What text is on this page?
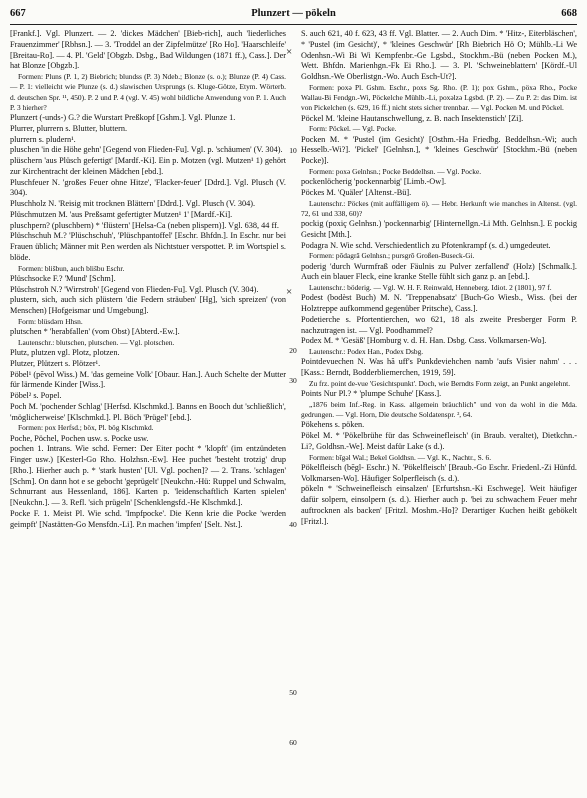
667	Plunzert — pökeln	668

[Frankf.]. Vgl. Plunzert. — 2. 'dickes Mädchen' [Bieb-rich], auch 'liederliches Frauenzimmer' [Rbhsn.]. — 3. 'Troddel an der Zipfelmütze' [Ro Ho]. 'Haarschleife' [Breitau-Ro]. — 4. Pl. 'Geld' [Obgzb. Dsbg., Bad Wildungen (1871 ff.), Cass.]. Der hat Blonze [Obgzb.].

Formen: Pluns (P. 1, 2) Biebrich; blundss (P. 3) Ndeb.; Blonze (s. o.); Blunze (P. 4) Cass. — P. 1: vielleicht wie Plunze (s. d.) slawischen Ursprungs (s. Kluge-Götze, Etym. Wörterb. d. deutschen Spr. ¹¹, 450). P. 2 und P. 4 (vgl. V. 45) wohl bildliche Anwendung von P. 1. Auch P. 3 hierher?

Plunzert (-unds-) G.? die Wurstart Preßkopf [Gshm.]. Vgl. Plunze 1.

Plurrer, plurrern s. Blutter, bluttern.

plurrern s. pludern¹.

pluschen 'in die Höhe gehn' [Gegend von Flieden-Fu]. Vgl. p. 'schäumen' (V. 304).

plüschern 'aus Plüsch gefertigt' [Mardf.-Ki]. Ein p. Motzen (vgl. Mutzen¹ 1) gehört zur Kirchentracht der kleinen Mädchen [ebd.].

Pluschfeuer N. 'großes Feuer ohne Hitze', 'Flacker-feuer' [Ddrd.]. Vgl. Plusch (V. 304).

Pluschholz N. 'Reisig mit trocknen Blättern' [Ddrd.]. Vgl. Plusch (V. 304).

Plüschmutzen M. 'aus Preßsamt gefertigter Mutzen¹ 1' [Mardf.-Ki].

pluschpern? (pluschbern) * 'flüstern' [Helsa-Ca (neben plispern)]. Vgl. 638, 44 ff.

Plüschschuh M.? 'Plüschschuh', 'Plüschpantoffel' [Eschr. Bhfdn.]. In Eschr. nur bei Frauen üblich; Männer mit P.en werden als Nichtstuer verspottet. P. im Wortspiel s. blöde.

Formen: blišbun, auch blišbu Eschr.

Plüschsocke F.? 'Mund' [Schm].

Plüschstroh N.? 'Wirrstroh' [Gegend von Flieden-Fu]. Vgl. Plusch (V. 304).

plustern, sich, auch sich plüstern 'die Federn sträuben' [Hg], 'sich spreizen' (von Menschen) [Hofgeismar und Umgebung].

Form: blüsdərn Hhsn.

plutschen * 'herabfallen' (vom Obst) [Abterd.-Ew.].

Lautenschr.: blutschen, plutschen. — Vgl. plotschen.

Plutz, plutzen vgl. Plotz, plotzen.

Plutzer, Plützert s. Plötzer¹.

Pöbel¹ (pēvol Wiss.) M. 'das gemeine Volk' [Obaur. Han.]. Auch Schelte der Mutter für lärmende Kinder [Wiss.].

Pöbel² s. Popel.

Poch M. 'pochender Schlag' [Herfsd. Klschmkd.]. Banns en Booch dut 'schließlich', 'möglicherweise' [Klschmkd.]. Pl. Böch 'Prügel' [ebd.].

Formen: pox Herfsd.; böx, Pl. bög Klschmkd.

Poche, Pöchel, Pochen usw. s. Pocke usw.

pochen 1. Intrans. Wie schd. Ferner: Der Eiter pocht * 'klopft' (im entzündeten Finger usw.) [Kesterl-Go Rho. Holzhsn.-Ew]. Hee puchet 'besteht trotzig' drup [Rho.]. Hierher auch p. * 'stark husten' [Ul. Vgl. pochen]? — 2. Trans. 'schlagen' [Schm]. On dann hot e se gebocht 'geprügelt' [Neukchn.-Hü: Ruppel und Schwalm, Schnurrant aus Hessenland, 186]. Karten p. 'leidenschaftlich Karten spielen' [Neukchn.]. — 3. Refl. 'sich prügeln' [Schenklengsfd.-He Klschmkd.].

Pocke F. 1. Meist Pl. Wie schd. 'Impfpocke'. Die Kenn krie die Pocke 'werden geimpft' [Nastätten-Go Mensfdn.-Li]. P.n machen 'impfen' [Selt. Nst.].

S. auch 621, 40 f. 623, 43 ff. Vgl. Blatter. — 2. Auch Dim. * 'Hitz-, Eiterbläschen', * 'Pustel (im Gesicht)', * 'kleines Geschwür' [Rh Biebrich Hö O; Mühlb.-Li We Odenhsn.-Wi Bi Wi Kempfenbr.-Ge Lgsbd., Stockhm.-Bü (neben Pocken M.), Wett. Bhfdn. Marienhgn.-Fk Ei Rho.]. — 3. Pl. 'Schweineblattern' [Kördf.-Ul Goldhsn.-We Oberlistgn.-Wo. Auch Esch-Ut?].

Formen: poxə Pl. Gshm. Eschr., poxs Sg. Rho. (P. 1); pox Gshm., pöxə Rho., Pocke Wallau-Bi Fendgn.-Wi, Pöckelche Mühlb.-Li, poxəlzə Lgsbd. (P. 2). — Zu P. 2: das Dim. ist von Pickelchen (s. 629, 16 ff.) nicht stets sicher trennbar. — Vgl. Pocken M. und Pöckel.

Pöckel M. 'kleine Hautanschwellung, z. B. nach Insektenstich' [Zi].

Form: Pöckel. — Vgl. Pocke.

Pocken M. * 'Pustel (im Gesicht)' [Osthm.-Ha Friedbg. Beddelhsn.-Wi; auch Hesselb.-Wi?]. 'Pickel' [Gelnhsn.], * 'kleines Geschwür' [Stockhm.-Bü (neben Pocke)].

Formen: poxə Gelnhsn.; Pocke Beddelhsn. — Vgl. Pocke.

pockenlöcherig 'pockennarbig' [Limb.-Ow].

Pöckes M. 'Quäler' [Altenst.-Bü].

Lautenschr.: Pöckes (mit auffälligem ö). — Hebr. Herkunft wie manches in Altenst. (vgl. 72, 61 und 338, 60)?

pockig (poxiç Gelnhsn.) 'pockennarbig' [Hinternellgn.-Li Mth. Gelnhsn.]. E pockig Gesicht [Mth.].

Podagra N. Wie schd. Verschiedentlich zu Pfotenkrampf (s. d.) umgedeutet.

Formen: pōdagrā Gelnhsn.; pursgrō Großen-Buseck-Gi.

poderig 'durch Wurmfraß oder Fäulnis zu Pulver zerfallend' (Holz) [Schmalk.]. Auch ein blauer Fleck, eine kranke Stelle fühlt sich ganz p. an [ebd.].

Lautenschr.: böderig. — Vgl. W. H. F. Reinwald, Henneberg. Idiot. 2 (1801), 97 f.

Podest (bodèst Buch) M. N. 'Treppenabsatz' [Buch-Go Wiesb., Wiss. (bei der Holztreppe aufkommend gegenüber Pritsche), Cass.].

Podetierche s. Pfortentierchen, wo 621, 18 als zweite Presberger Form P. nachzutragen ist. — Vgl. Poodhammel?

Podex M. * 'Gesäß' [Homburg v. d. H. Han. Dsbg. Cass. Volkmarsen-Wo].

Lautenschr.: Podex Han., Podex Dsbg.

Pointdevuechen N. Was hă uff's Punkdeviehchen namb 'aufs Visier nahm' . . . [Kass.: Berndt, Bodderbliemerchen, 1919, 59].

Zu frz. point de-vue 'Gesichtspunkt'. Doch, wie Berndts Form zeigt, an Punkt angelehnt.

Points Nur Pl.? * 'plumpe Schuhe' [Kass.].

„1876 beim Inf.-Reg. in Kass. allgemein bräuchlich" und von da wohl in die Mda. gedrungen. — Vgl. Horn, Die deutsche Soldatenspr. ², 64.

Pökehens s. pöken.

Pökel M. * 'Pökelbrühe für das Schweinefleisch' (in Braub. veraltet), Dietkchn.-Li?, Goldhsn.-We]. Meist dafür Lake (s d.).

Formen: bīgəl Wal.; Bekel Goldhsn. — Vgl. K., Nachtr., S. 6.

Pökelfleisch (bēgl- Eschr.) N. 'Pökelfleisch' [Braub.-Go Eschr. Friedenl.-Zi Hünfd. Volkmarsen-Wo]. Häufiger Solperfleisch (s. d.).

pökeln * 'Schweinefleisch einsalzen' [Erfurtshsn.-Ki Eschwege]. Weit häufiger dafür solpern, einsolpern (s. d.). Hierher auch p. 'bei zu schwachem Feuer mehr auftrocknen als backen' [Fritzl. Moshm.-Ho]? Derartiger Kuchen heißt gebökelt [Fritzl.].

10
20
30
40
50
60
×
×
